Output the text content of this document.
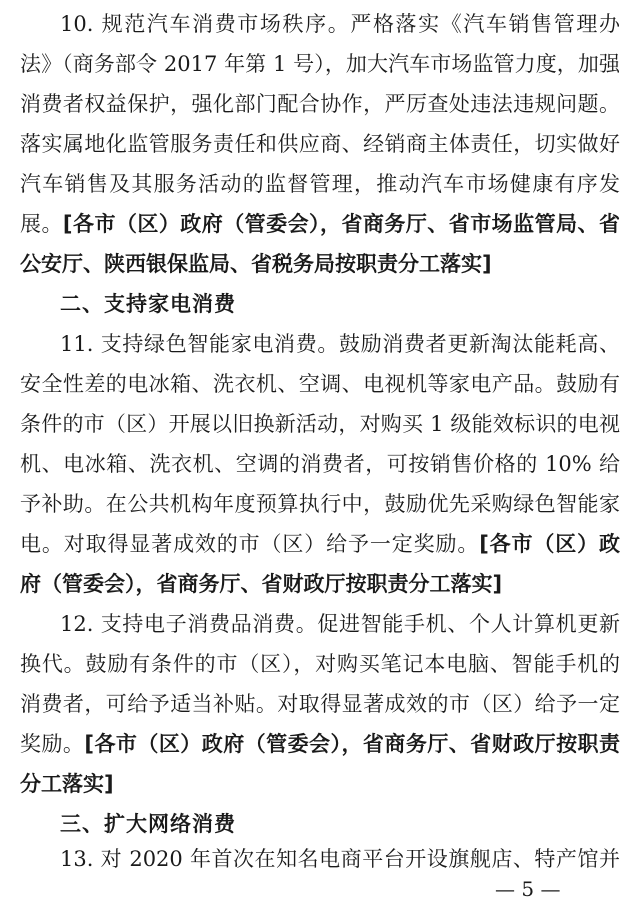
10. 规范汽车消费市场秩序。严格落实《汽车销售管理办
法》（商务部令 2017 年第 1 号），加大汽车市场监管力度，加强
消费者权益保护，强化部门配合协作，严厉查处违法违规问题。
落实属地化监管服务责任和供应商、经销商主体责任，切实做好
汽车销售及其服务活动的监督管理，推动汽车市场健康有序发
展。[各市（区）政府（管委会），省商务厅、省市场监管局、省
公安厅、陕西银保监局、省税务局按职责分工落实]
二、支持家电消费
11. 支持绿色智能家电消费。鼓励消费者更新淘汰能耗高、
安全性差的电冰箱、洗衣机、空调、电视机等家电产品。鼓励有
条件的市（区）开展以旧换新活动，对购买 1 级能效标识的电视
机、电冰箱、洗衣机、空调的消费者，可按销售价格的 10% 给
予补助。在公共机构年度预算执行中，鼓励优先采购绿色智能家
电。对取得显著成效的市（区）给予一定奖励。[各市（区）政
府（管委会），省商务厅、省财政厅按职责分工落实]
12. 支持电子消费品消费。促进智能手机、个人计算机更新
换代。鼓励有条件的市（区），对购买笔记本电脑、智能手机的
消费者，可给予适当补贴。对取得显著成效的市（区）给予一定
奖励。[各市（区）政府（管委会），省商务厅、省财政厅按职责
分工落实]
三、扩大网络消费
13. 对 2020 年首次在知名电商平台开设旗舰店、特产馆并
— 5 —
